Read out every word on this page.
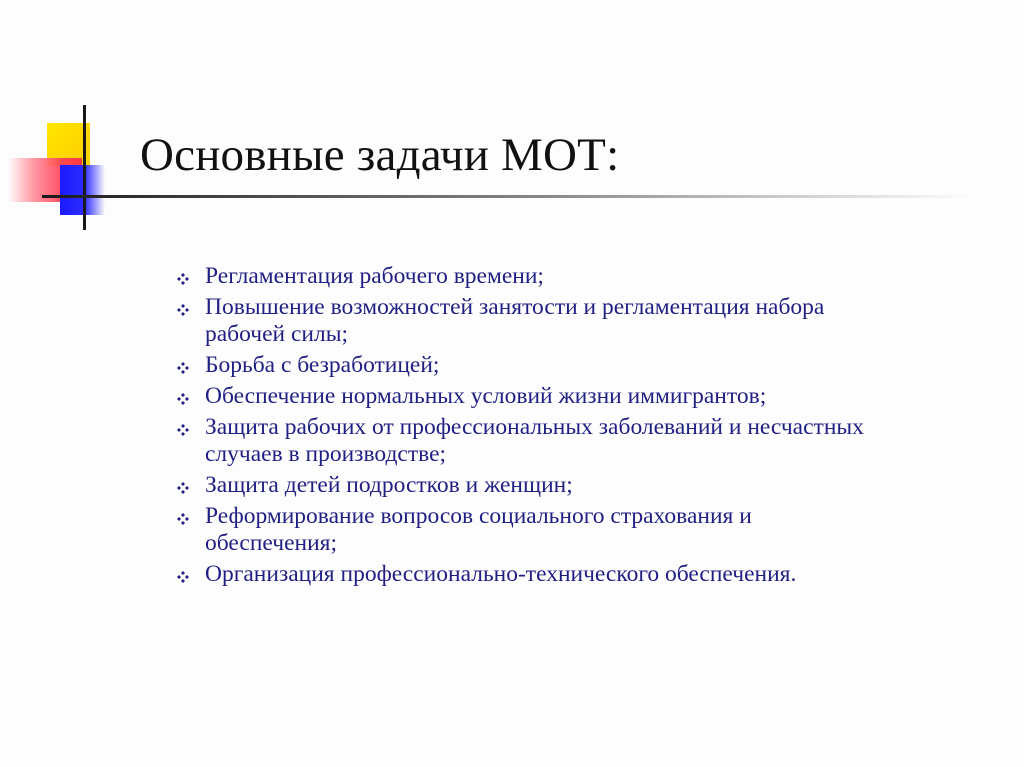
Основные задачи МОТ:
Регламентация рабочего времени;
Повышение возможностей занятости и регламентация набора рабочей силы;
Борьба с безработицей;
Обеспечение нормальных условий жизни иммигрантов;
Защита рабочих от профессиональных заболеваний и несчастных случаев в производстве;
Защита детей подростков и женщин;
Реформирование вопросов социального страхования и обеспечения;
Организация профессионально-технического обеспечения.
